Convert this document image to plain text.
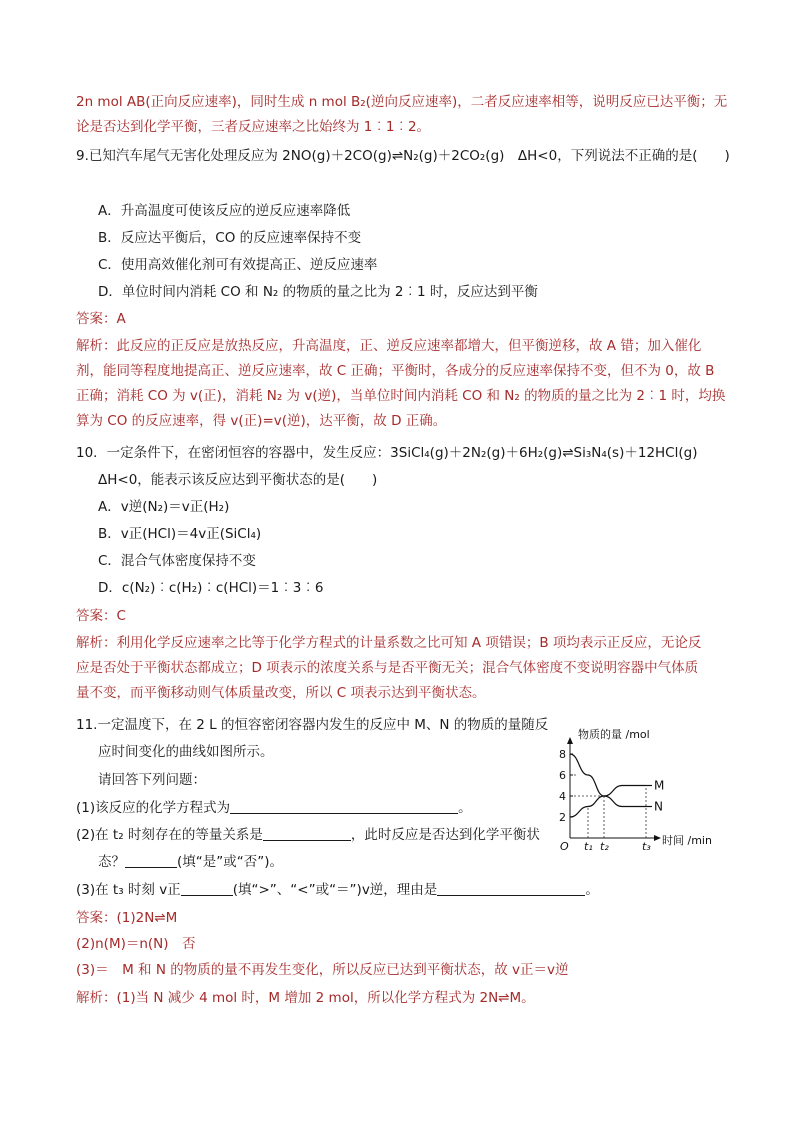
2n mol AB(正向反应速率)，同时生成 n mol B₂(逆向反应速率)，二者反应速率相等，说明反应已达平衡；无
论是否达到化学平衡，三者反应速率之比始终为 1︰1︰2。
9.已知汽车尾气无害化处理反应为 2NO(g)＋2CO(g)⇌N₂(g)＋2CO₂(g)　ΔH<0，下列说法不正确的是(　　)
A．升高温度可使该反应的逆反应速率降低
B．反应达平衡后，CO 的反应速率保持不变
C．使用高效催化剂可有效提高正、逆反应速率
D．单位时间内消耗 CO 和 N₂ 的物质的量之比为 2︰1 时，反应达到平衡
答案：A
解析：此反应的正反应是放热反应，升高温度，正、逆反应速率都增大，但平衡逆移，故 A 错；加入催化
剂，能同等程度地提高正、逆反应速率，故 C 正确；平衡时，各成分的反应速率保持不变，但不为 0，故 B
正确；消耗 CO 为 v(正)，消耗 N₂ 为 v(逆)，当单位时间内消耗 CO 和 N₂ 的物质的量之比为 2︰1 时，均换
算为 CO 的反应速率，得 v(正)=v(逆)，达平衡，故 D 正确。
10．一定条件下，在密闭恒容的容器中，发生反应：3SiCl₄(g)＋2N₂(g)＋6H₂(g)⇌Si₃N₄(s)＋12HCl(g)
ΔH<0，能表示该反应达到平衡状态的是(　　)
A．v逆(N₂)＝v正(H₂)
B．v正(HCl)＝4v正(SiCl₄)
C．混合气体密度保持不变
D．c(N₂)︰c(H₂)︰c(HCl)＝1︰3︰6
答案：C
解析：利用化学反应速率之比等于化学方程式的计量系数之比可知 A 项错误；B 项均表示正反应，无论反
应是否处于平衡状态都成立；D 项表示的浓度关系与是否平衡无关；混合气体密度不变说明容器中气体质
量不变，而平衡移动则气体质量改变，所以 C 项表示达到平衡状态。
11.一定温度下，在 2 L 的恒容密闭容器内发生的反应中 M、N 的物质的量随反
应时间变化的曲线如图所示。
请回答下列问题：
(1)该反应的化学方程式为	。
(2)在 t₂ 时刻存在的等量关系是	，此时反应是否达到化学平衡状
态？	(填“是”或“否”)。
(3)在 t₃ 时刻 v正	(填“>”、“<”或“＝”)v逆，理由是	。
答案：(1)2N⇌M
(2)n(M)＝n(N)　否
(3)＝　M 和 N 的物质的量不再发生变化，所以反应已达到平衡状态，故 v正＝v逆
解析：(1)当 N 减少 4 mol 时，M 增加 2 mol，所以化学方程式为 2N⇌M。
物质的量 /mol
时间 /min
O
2
4
6
8
t₁ t₂	t₃
M
N
